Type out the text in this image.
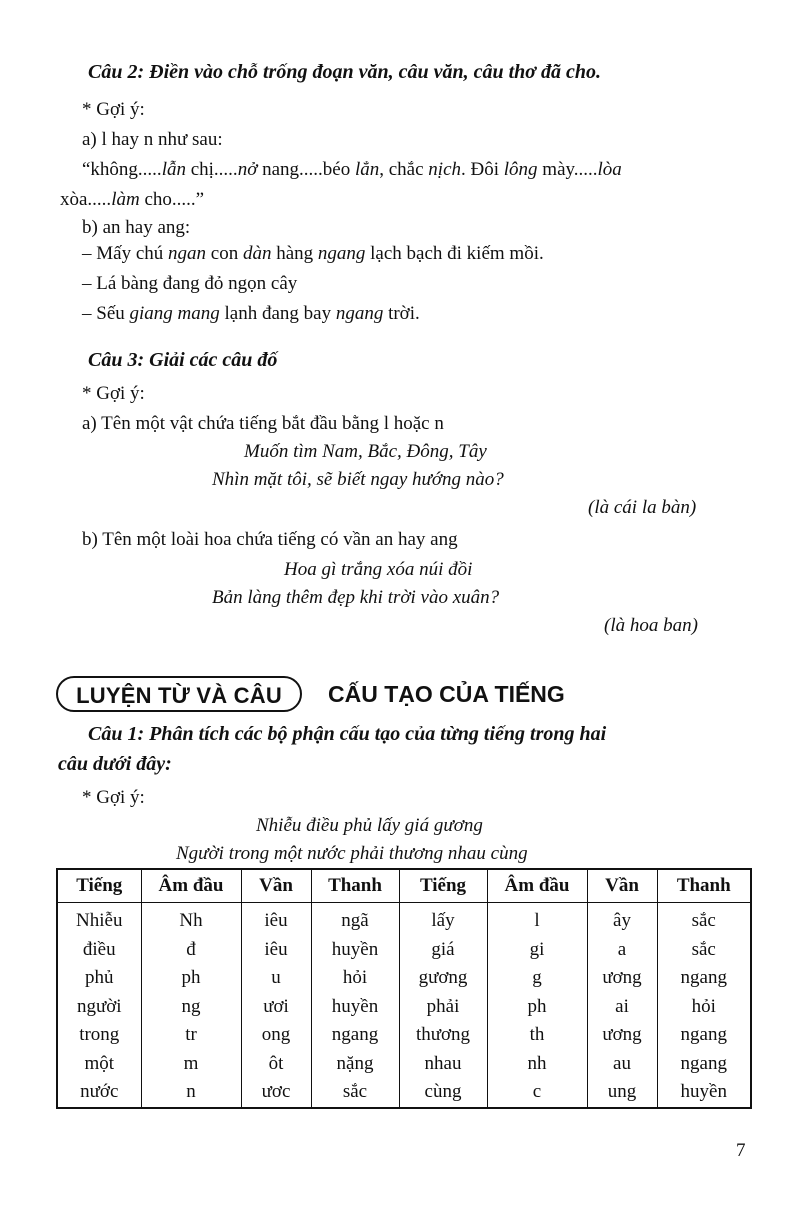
Câu 2: Điền vào chỗ trống đoạn văn, câu văn, câu thơ đã cho.
* Gợi ý:
a) l hay n như sau:
“không.....lẫn chị.....nở nang.....béo lẳn, chắc nịch. Đôi lông mày.....lòa
xòa.....làm cho.....”
b) an hay ang:
– Mấy chú ngan con dàn hàng ngang lạch bạch đi kiếm mồi.
– Lá bàng đang đỏ ngọn cây
– Sếu giang mang lạnh đang bay ngang trời.
Câu 3: Giải các câu đố
* Gợi ý:
a) Tên một vật chứa tiếng bắt đầu bằng l hoặc n
Muốn tìm Nam, Bắc, Đông, Tây
Nhìn mặt tôi, sẽ biết ngay hướng nào?
(là cái la bàn)
b) Tên một loài hoa chứa tiếng có vần an hay ang
Hoa gì trắng xóa núi đồi
Bản làng thêm đẹp khi trời vào xuân?
(là hoa ban)
LUYỆN TỪ VÀ CÂU	CẤU TẠO CỦA TIẾNG
Câu 1: Phân tích các bộ phận cấu tạo của từng tiếng trong hai
câu dưới đây:
* Gợi ý:
Nhiễu điều phủ lấy giá gương
Người trong một nước phải thương nhau cùng
Tiếng	Âm đầu	Vần	Thanh	Tiếng	Âm đầu	Vần	Thanh
Nhiễu	Nh	iêu	ngã	lấy	l	ây	sắc
điều	đ	iêu	huyền	giá	gi	a	sắc
phủ	ph	u	hỏi	gương	g	ương	ngang
người	ng	ươi	huyền	phải	ph	ai	hỏi
trong	tr	ong	ngang	thương	th	ương	ngang
một	m	ôt	nặng	nhau	nh	au	ngang
nước	n	ươc	sắc	cùng	c	ung	huyền
7
